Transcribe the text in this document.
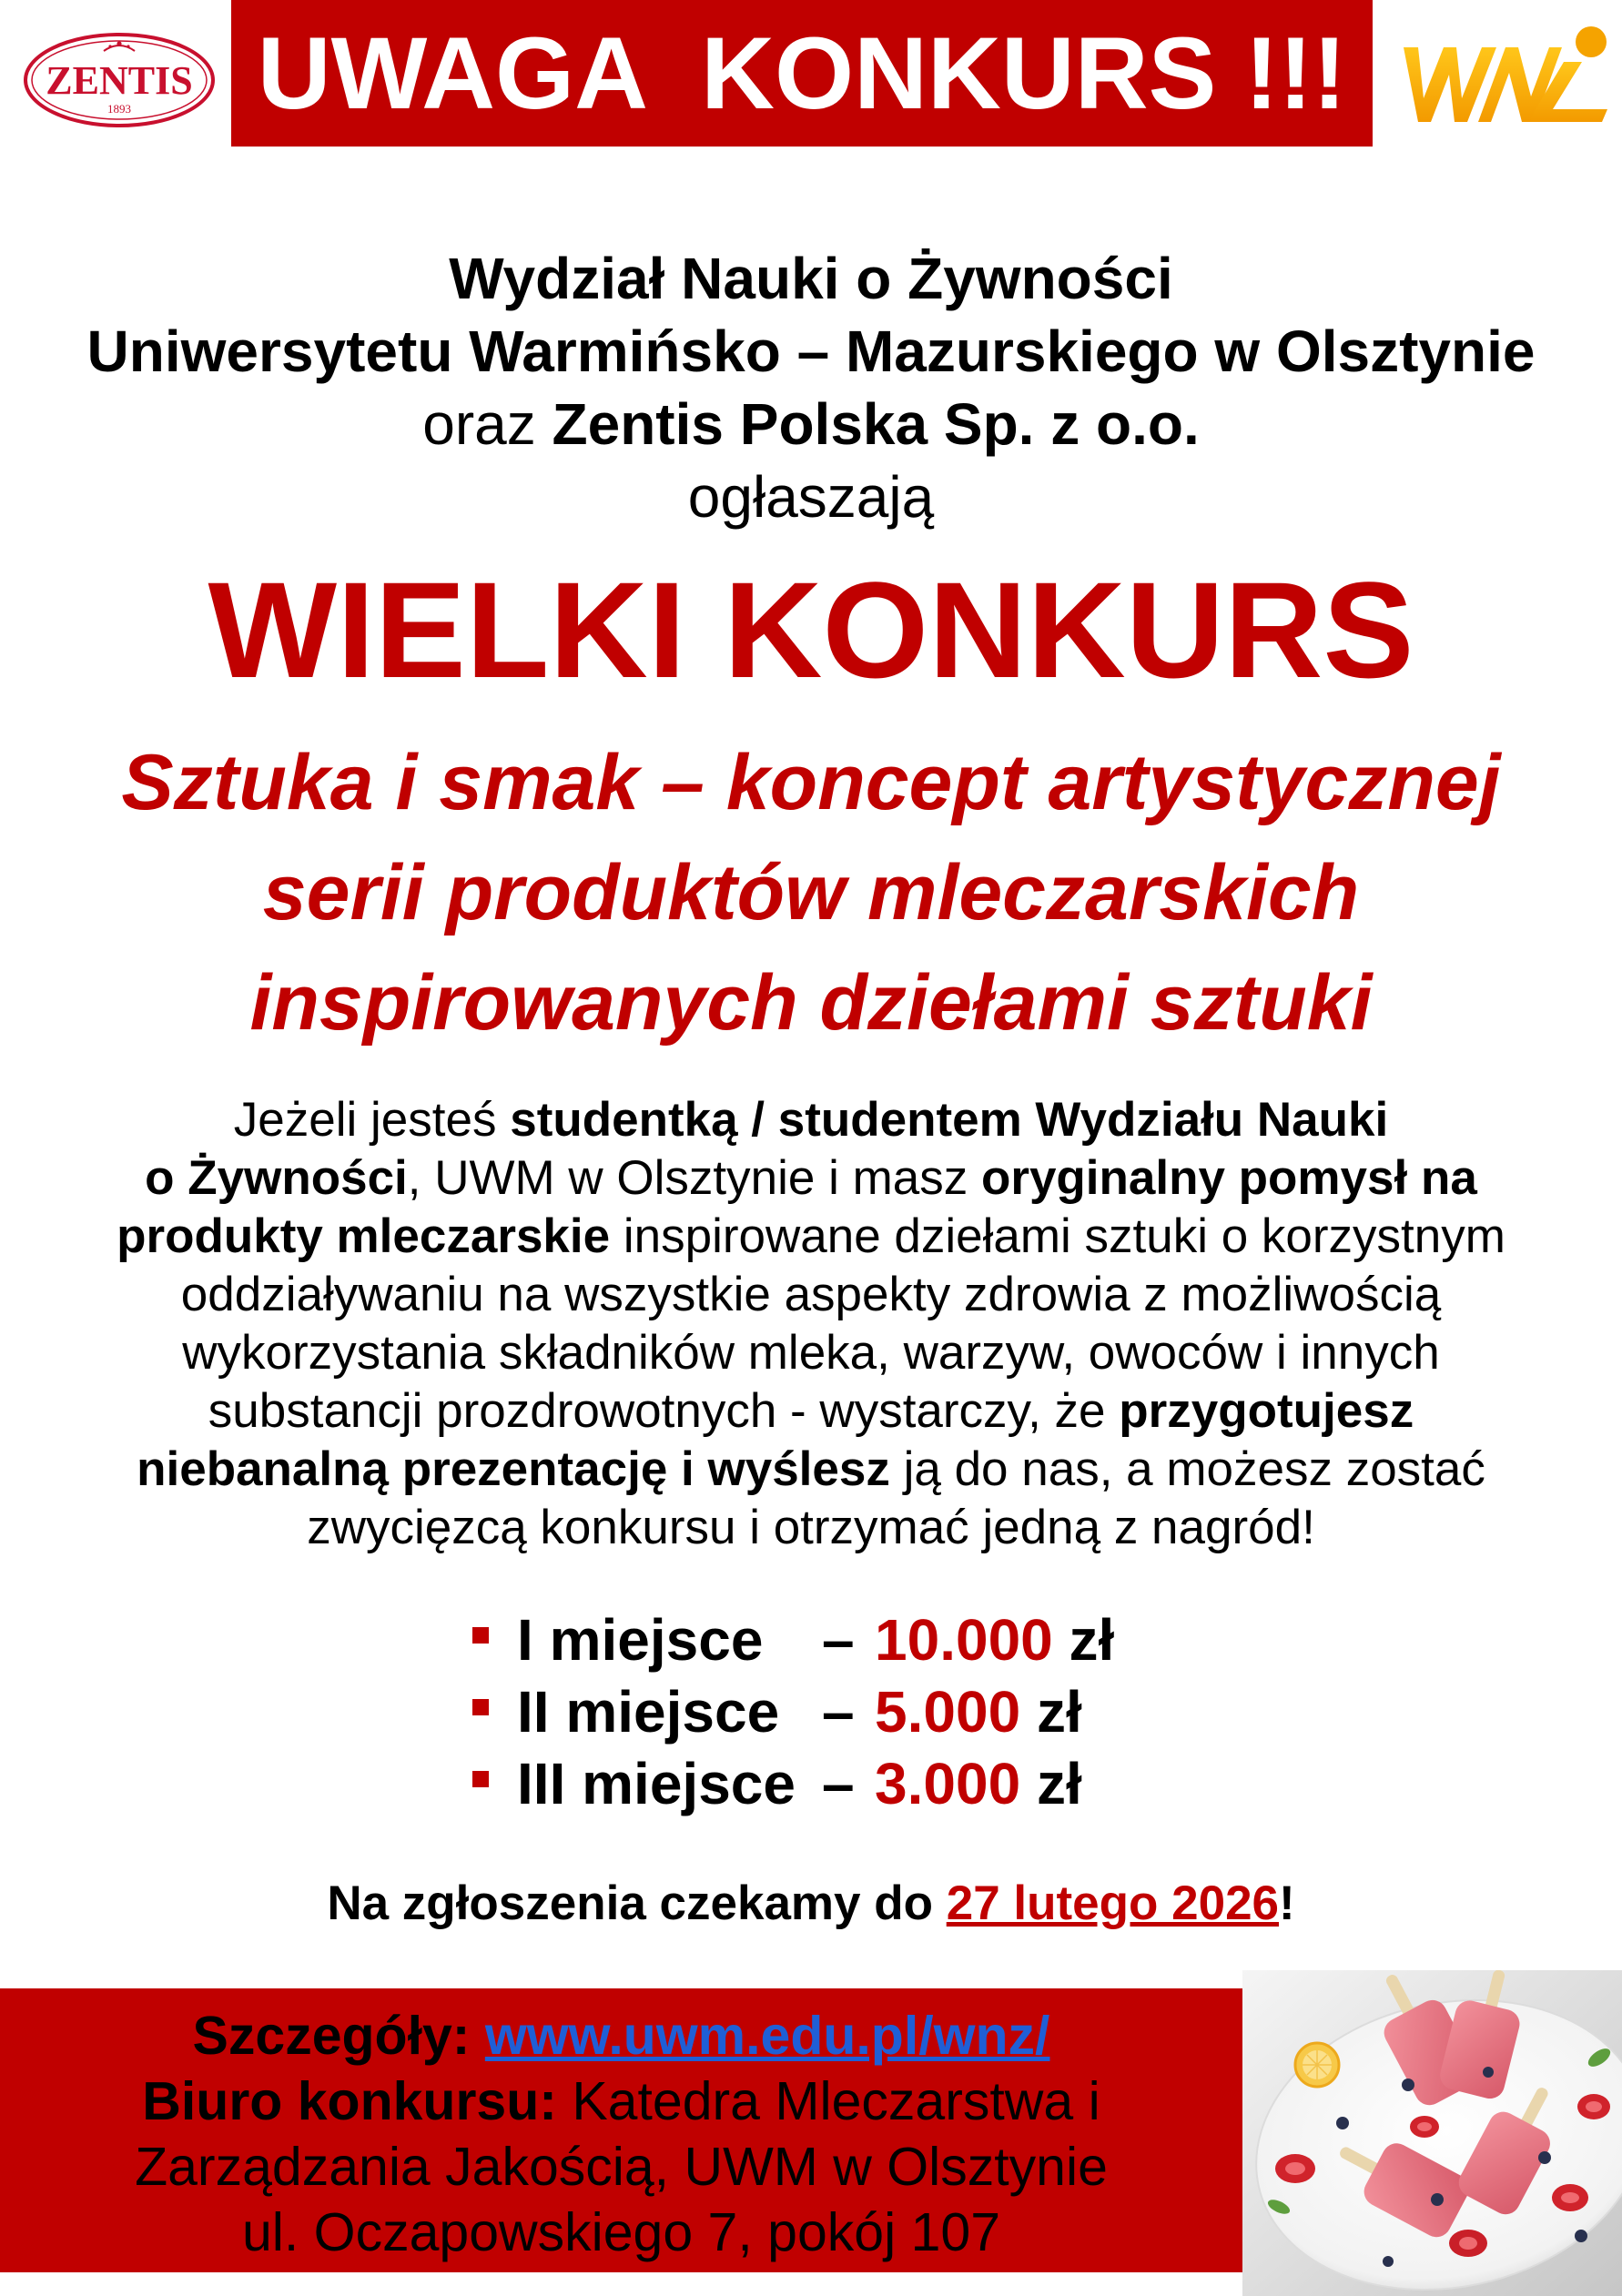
ZENTIS
1893 UWAGA  KONKURS !!!
Wydział Nauki o Żywności
Uniwersytetu Warmińsko – Mazurskiego w Olsztynie
oraz Zentis Polska Sp. z o.o.
ogłaszają
WIELKI KONKURS
Sztuka i smak – koncept artystycznej
serii produktów mleczarskich
inspirowanych dziełami sztuki
Jeżeli jesteś studentką / studentem Wydziału Nauki
o Żywności, UWM w Olsztynie i masz oryginalny pomysł na
produkty mleczarskie inspirowane dziełami sztuki o korzystnym
oddziaływaniu na wszystkie aspekty zdrowia z możliwością
wykorzystania składników mleka, warzyw, owoców i innych
substancji prozdrowotnych - wystarczy, że przygotujesz
niebanalną prezentację i wyślesz ją do nas, a możesz zostać
zwycięzcą konkursu i otrzymać jedną z nagród!
I miejsce	– 10.000
zł
II miejsce – 5.000
zł
III miejsce – 3.000
zł
Na zgłoszenia czekamy do 27 lutego 2026!
Szczegóły: www.uwm.edu.pl/wnz/
Biuro konkursu: Katedra Mleczarstwa i
Zarządzania Jakością, UWM w Olsztynie
ul. Oczapowskiego 7, pokój 107
